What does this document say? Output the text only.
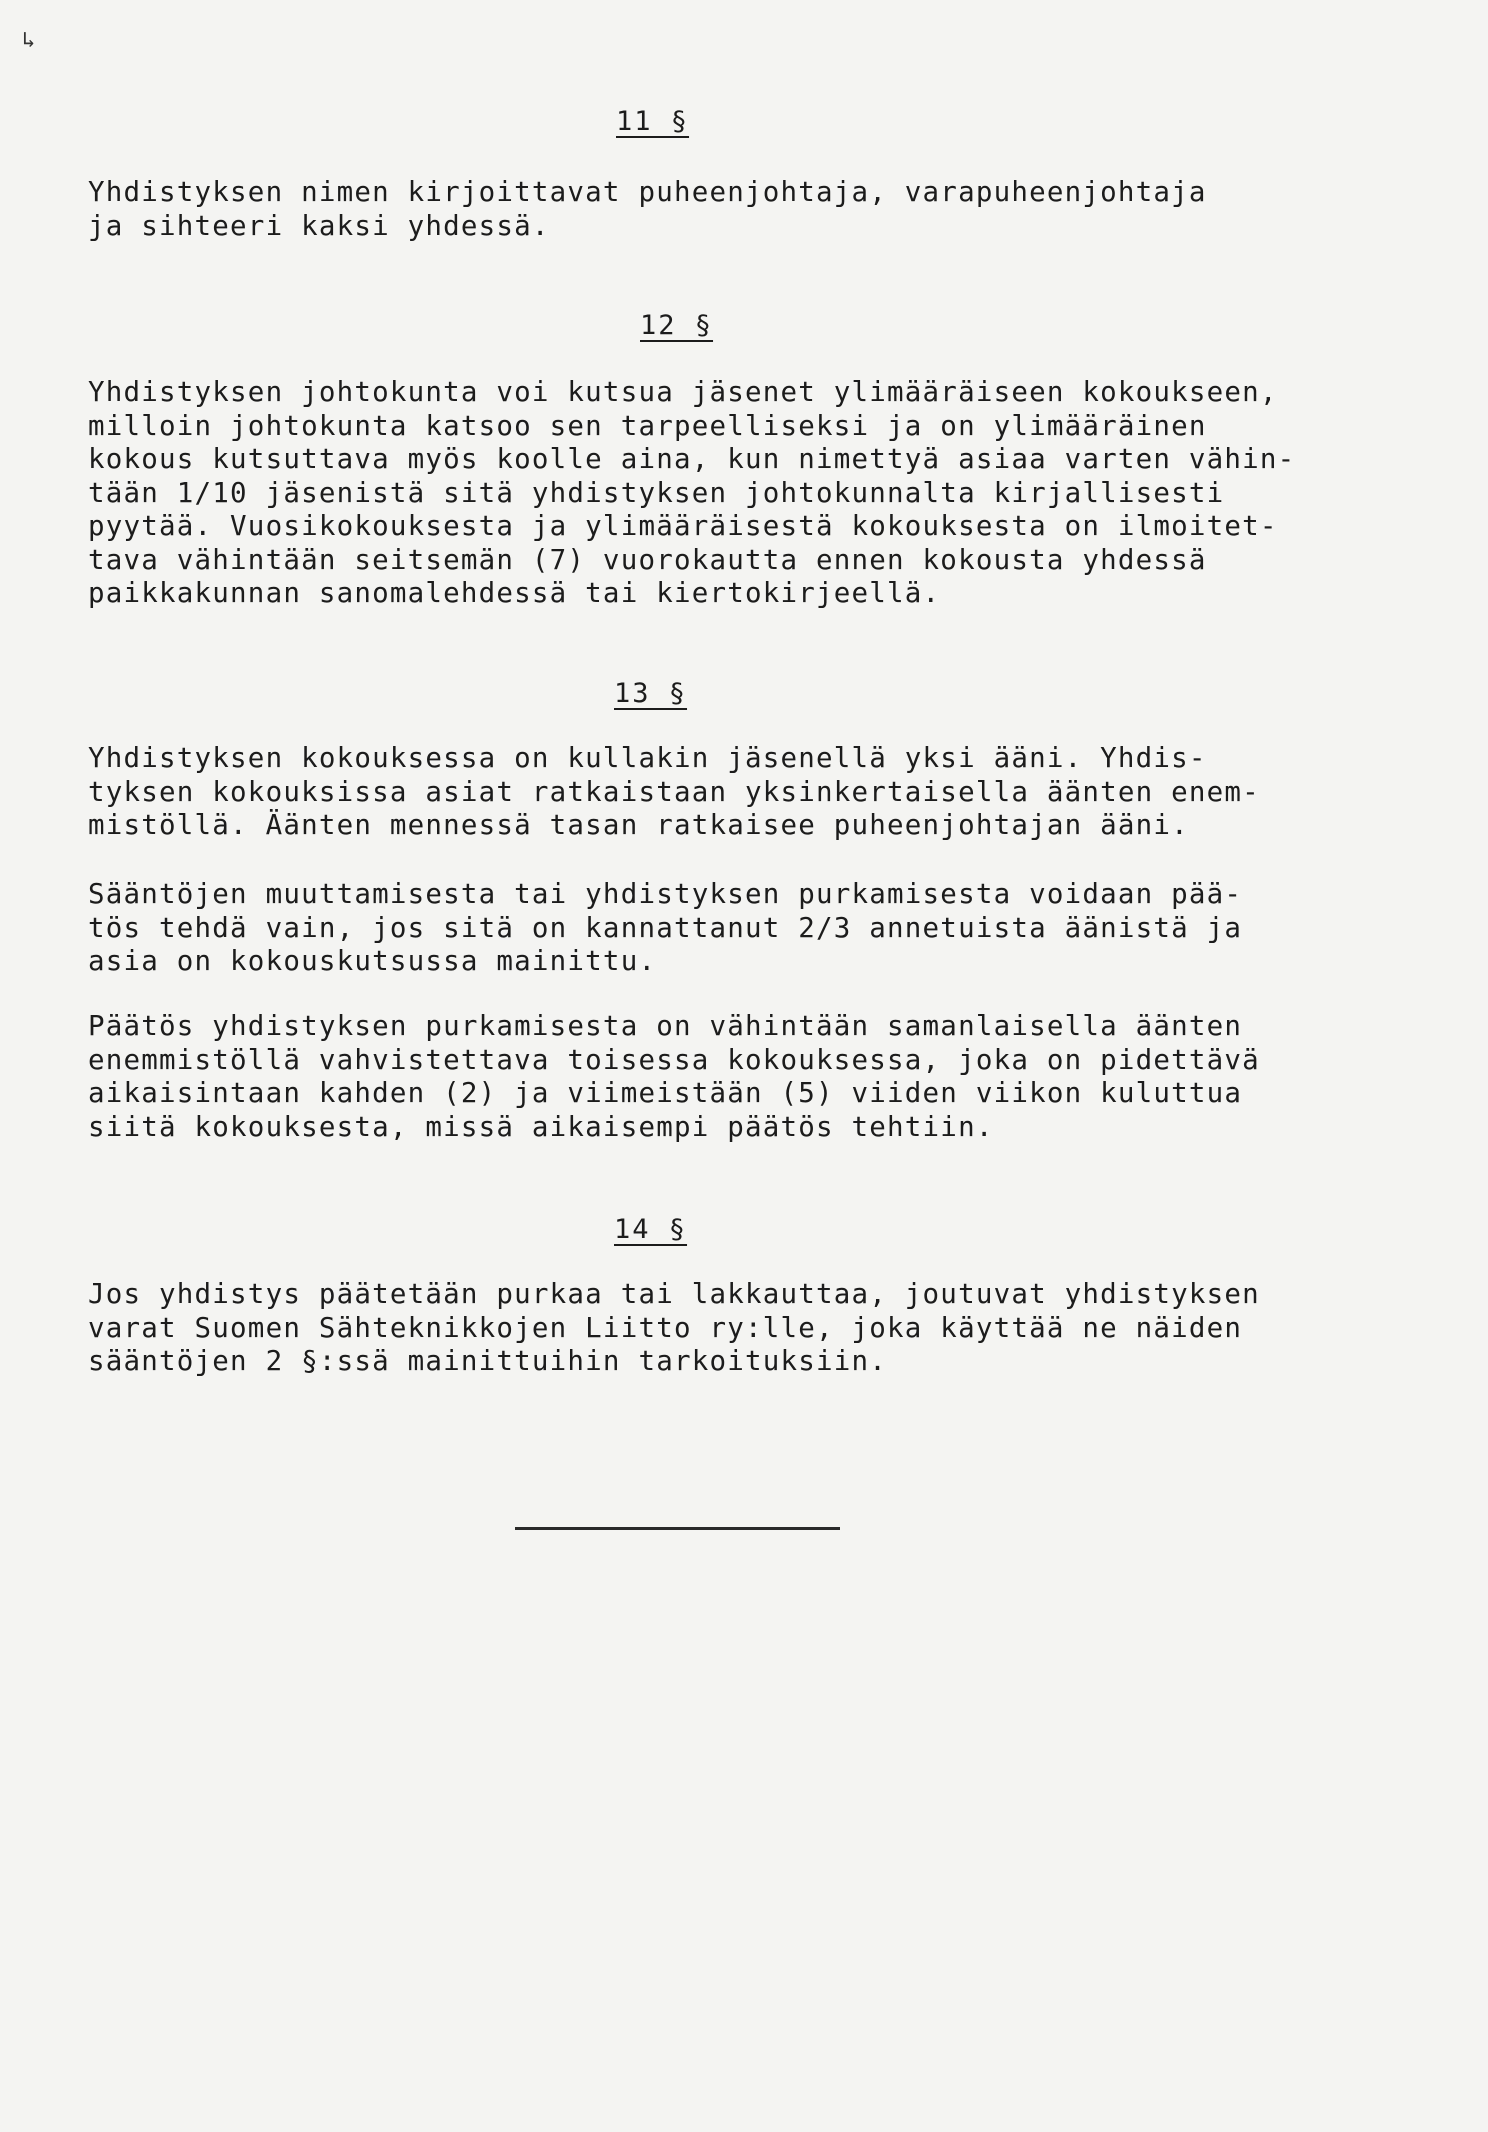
↳
11 §
Yhdistyksen nimen kirjoittavat puheenjohtaja, varapuheenjohtaja
ja sihteeri kaksi yhdessä.
12 §
Yhdistyksen johtokunta voi kutsua jäsenet ylimääräiseen kokoukseen,
milloin johtokunta katsoo sen tarpeelliseksi ja on ylimääräinen
kokous kutsuttava myös koolle aina, kun nimettyä asiaa varten vähin-
tään 1/10 jäsenistä sitä yhdistyksen johtokunnalta kirjallisesti
pyytää. Vuosikokouksesta ja ylimääräisestä kokouksesta on ilmoitet-
tava vähintään seitsemän (7) vuorokautta ennen kokousta yhdessä
paikkakunnan sanomalehdessä tai kiertokirjeellä.
13 §
Yhdistyksen kokouksessa on kullakin jäsenellä yksi ääni. Yhdis-
tyksen kokouksissa asiat ratkaistaan yksinkertaisella äänten enem-
mistöllä. Äänten mennessä tasan ratkaisee puheenjohtajan ääni.
Sääntöjen muuttamisesta tai yhdistyksen purkamisesta voidaan pää-
tös tehdä vain, jos sitä on kannattanut 2/3 annetuista äänistä ja
asia on kokouskutsussa mainittu.
Päätös yhdistyksen purkamisesta on vähintään samanlaisella äänten
enemmistöllä vahvistettava toisessa kokouksessa, joka on pidettävä
aikaisintaan kahden (2) ja viimeistään (5) viiden viikon kuluttua
siitä kokouksesta, missä aikaisempi päätös tehtiin.
14 §
Jos yhdistys päätetään purkaa tai lakkauttaa, joutuvat yhdistyksen
varat Suomen Sähteknikkojen Liitto ry:lle, joka käyttää ne näiden
sääntöjen 2 §:ssä mainittuihin tarkoituksiin.
